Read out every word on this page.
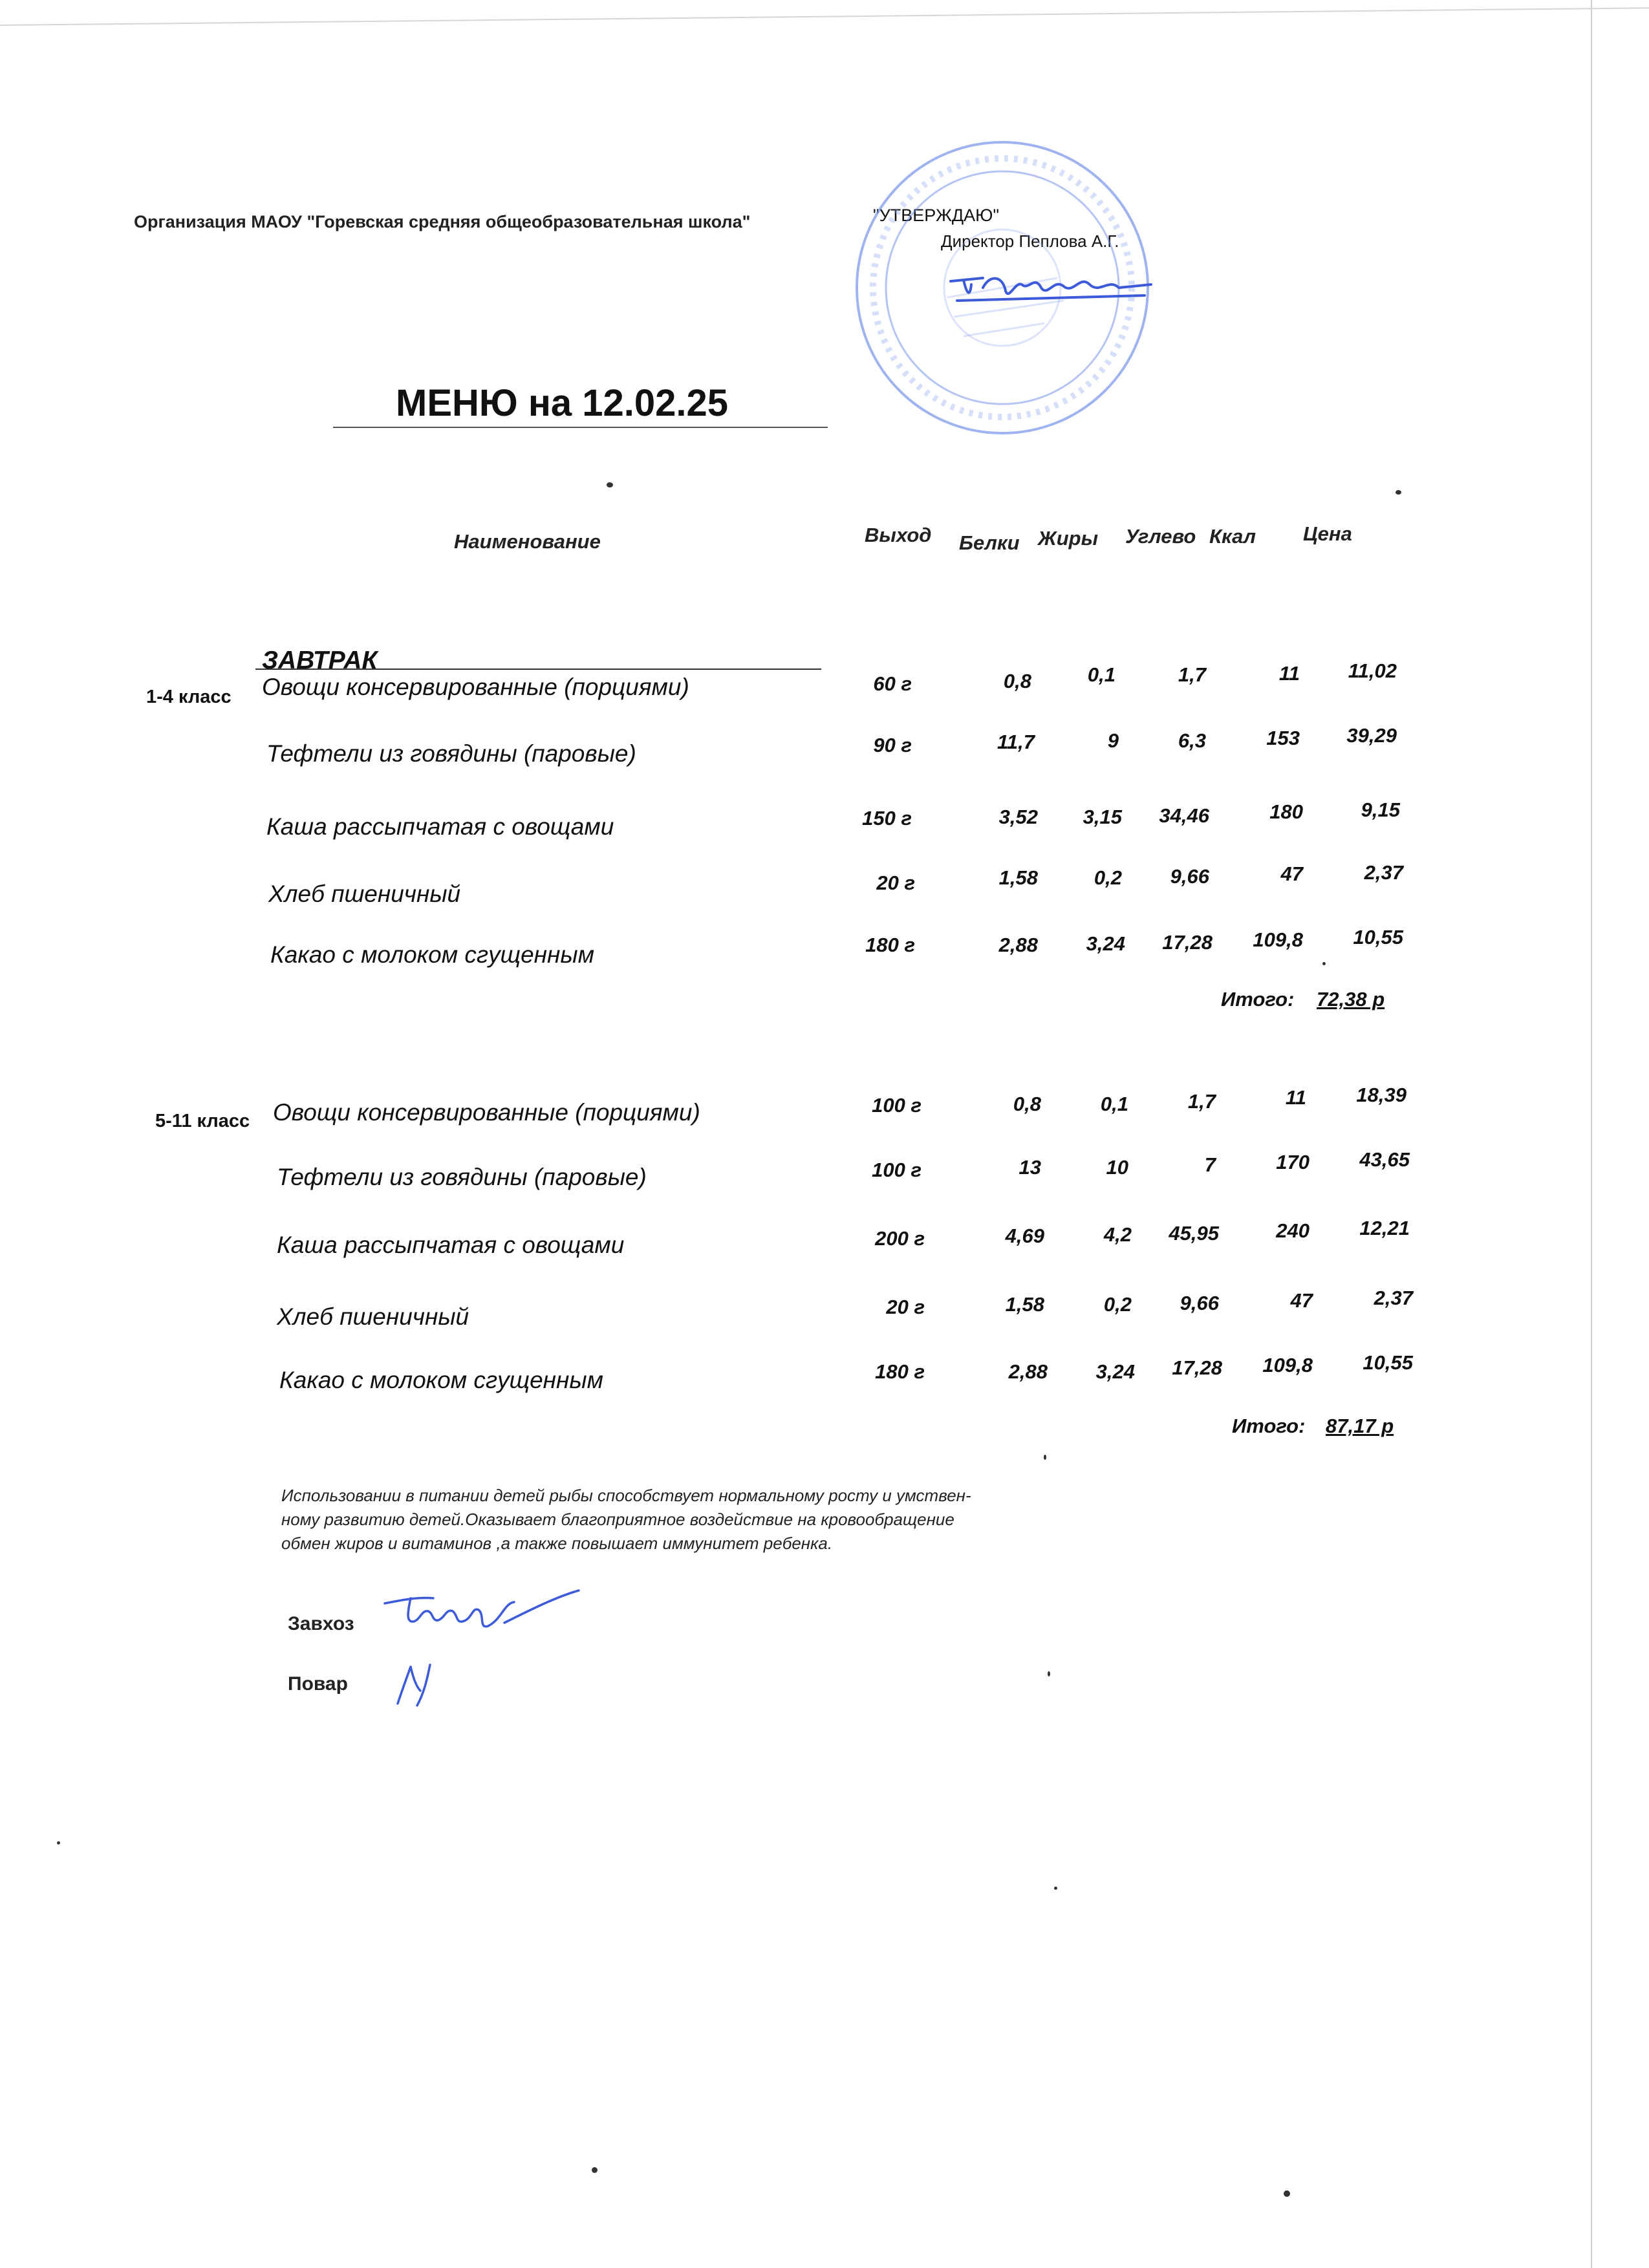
Организация МАОУ "Горевская средняя общеобразовательная школа"	"УТВЕРЖДАЮ"
Директор Пеплова А.Г.
МЕНЮ на 12.02.25
Наименование	Выход Белки Жиры Углево Ккал Цена
ЗАВТРАК
1-4 класс Овощи консервированные (порциями)	60 г	0,8	0,1	1,7	11	11,02
Тефтели из говядины (паровые)	90 г	11,7	9	6,3	153	39,29
Каша рассыпчатая с овощами	150 г	3,52	3,15	34,46	180	9,15
Хлеб пшеничный	20 г	1,58	0,2	9,66	47	2,37
Какао с молоком сгущенным	180 г	2,88	3,24	17,28	109,8	10,55
Итого: 72,38 р
5-11 класс Овощи консервированные (порциями)	100 г	0,8	0,1	1,7	11	18,39
Тефтели из говядины (паровые)	100 г	13	10	7	170	43,65
Каша рассыпчатая с овощами	200 г	4,69	4,2	45,95	240	12,21
Хлеб пшеничный	20 г	1,58	0,2	9,66	47	2,37
Какао с молоком сгущенным	180 г	2,88	3,24	17,28	109,8	10,55
Итого: 87,17 р
Использовании в питании детей рыбы способствует нормальному росту и умствен-
ному развитию детей.Оказывает благоприятное воздействие на кровообращение
обмен жиров и витаминов ,а также повышает иммунитет ребенка.
Завхоз
Повар
